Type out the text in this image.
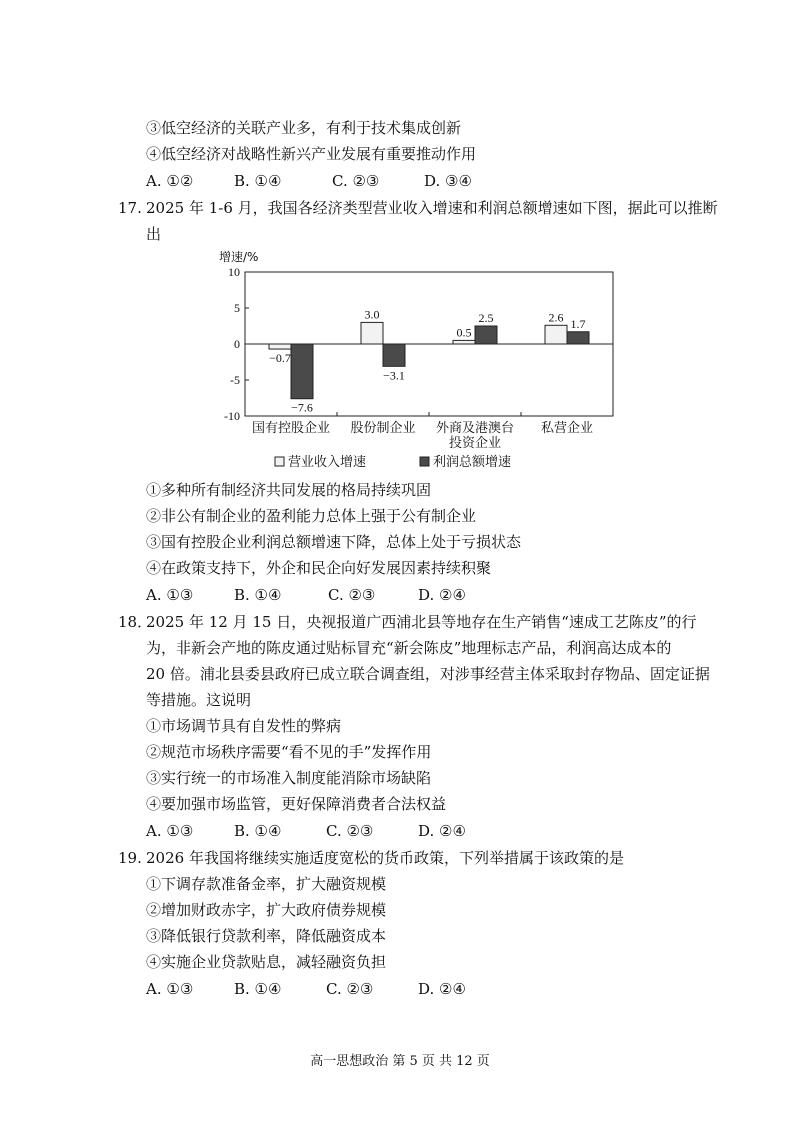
③低空经济的关联产业多，有利于技术集成创新
④低空经济对战略性新兴产业发展有重要推动作用
A. ①②	B. ①④	C. ②③	D. ③④
17. 2025 年 1-6 月，我国各经济类型营业收入增速和利润总额增速如下图，据此可以推断
出
10
5
0
-5
-10
增速/%
−0.7
−7.6
国有控股企业
3.0
−3.1
股份制企业
0.5
2.5
外商及港澳台
投资企业
2.6 1.7
私营企业
营业收入增速	利润总额增速
①多种所有制经济共同发展的格局持续巩固
②非公有制企业的盈利能力总体上强于公有制企业
③国有控股企业利润总额增速下降，总体上处于亏损状态
④在政策支持下，外企和民企向好发展因素持续积聚
A. ①③	B. ①④	C. ②③	D. ②④
18．
2025 年 12 月 15 日，央视报道广西浦北县等地存在生产销售“速成工艺陈皮”的行
为，非新会产地的陈皮通过贴标冒充“新会陈皮”地理标志产品，利润高达成本的
20 倍。浦北县委县政府已成立联合调查组，对涉事经营主体采取封存物品、固定证据
等措施。这说明
①市场调节具有自发性的弊病
②规范市场秩序需要“看不见的手”发挥作用
③实行统一的市场准入制度能消除市场缺陷
④要加强市场监管，更好保障消费者合法权益
A. ①③	B. ①④	C. ②③	D. ②④
19. 2026 年我国将继续实施适度宽松的货币政策，下列举措属于该政策的是
①下调存款准备金率，扩大融资规模
②增加财政赤字，扩大政府债券规模
③降低银行贷款利率，降低融资成本
④实施企业贷款贴息，减轻融资负担
A. ①③	B. ①④	C. ②③	D. ②④
高一思想政治 第 5 页 共 12 页
